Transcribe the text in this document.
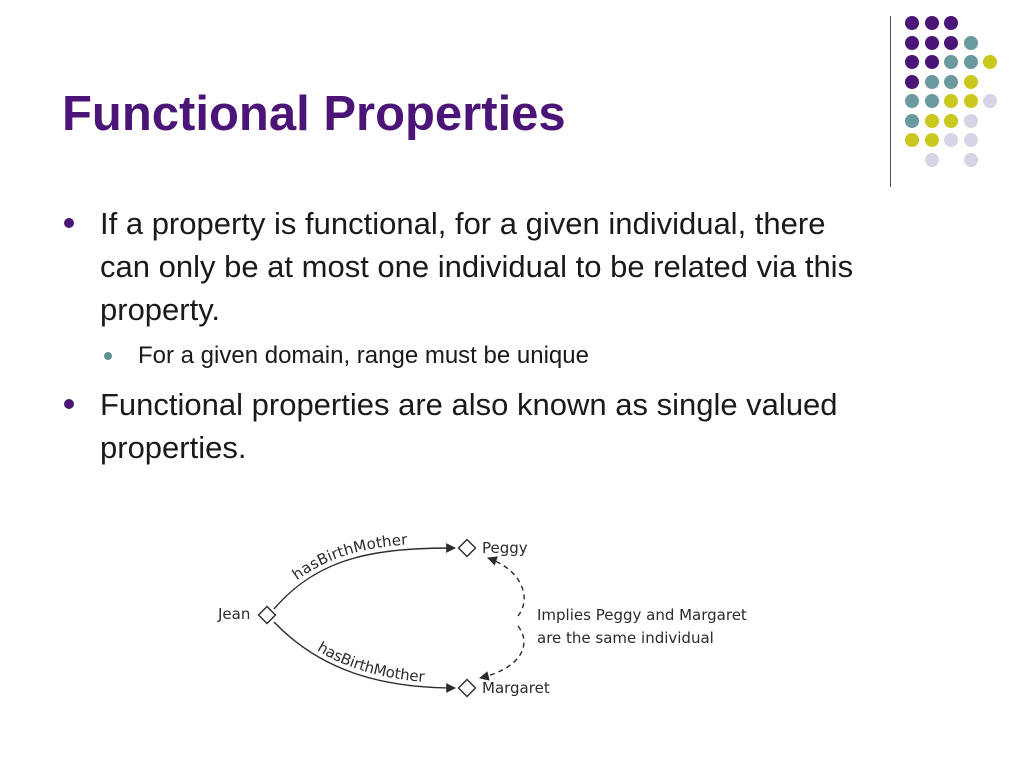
Functional Properties
If a property is functional, for a given individual, there can only be at most one individual to be related via this property.
For a given domain, range must be unique
Functional properties are also known as single valued properties.
Jean
hasBirthMother
hasBirthMother
Peggy
Margaret
Implies Peggy and Margaret
are the same individual
